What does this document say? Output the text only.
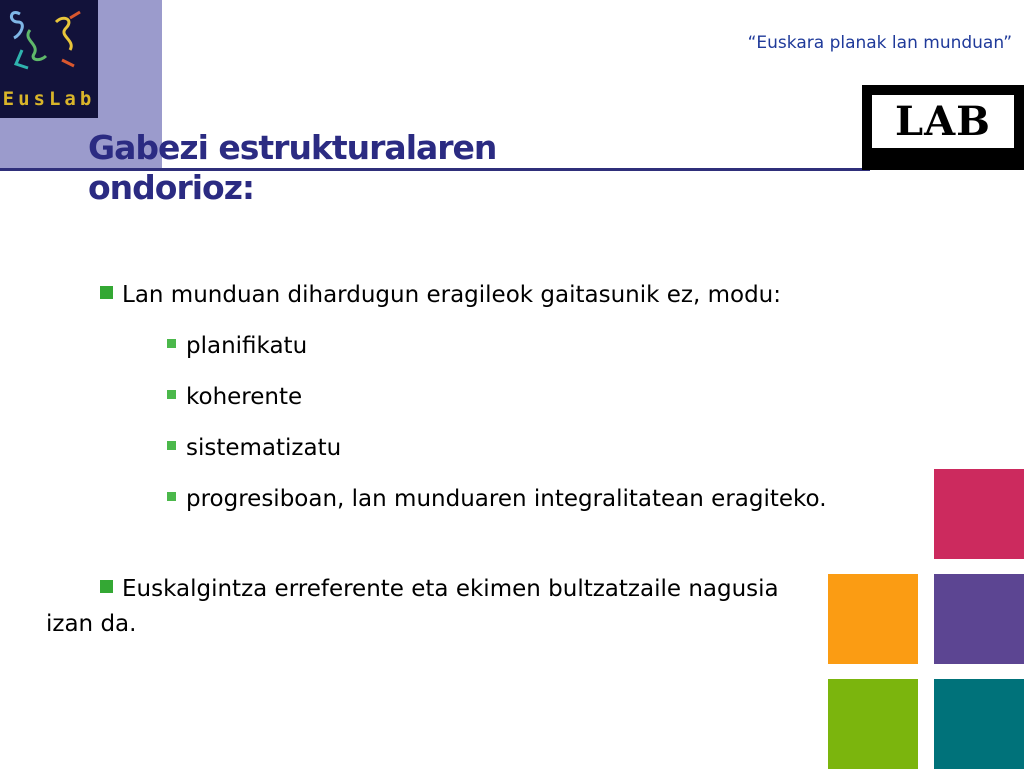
EusLab
“Euskara planak lan munduan”
LAB
Gabezi estrukturalaren ondorioz:
Lan munduan dihardugun eragileok gaitasunik ez, modu:
planifikatu
koherente
sistematizatu
progresiboan, lan munduaren integralitatean eragiteko.
Euskalgintza erreferente eta ekimen bultzatzaile nagusia izan da.
